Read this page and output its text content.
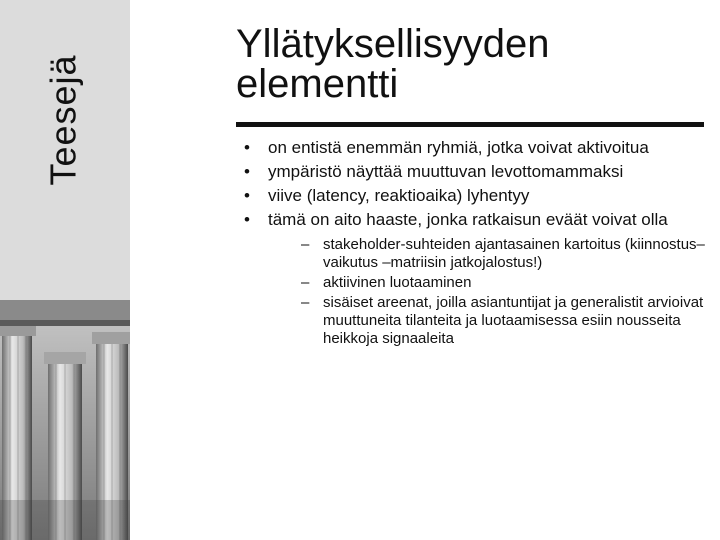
Teesejä
Yllätyksellisyyden elementti
• on entistä enemmän ryhmiä, jotka voivat aktivoitua
• ympäristö näyttää muuttuvan levottomammaksi
• viive (latency, reaktioaika) lyhentyy
• tämä on aito haaste, jonka ratkaisun eväät voivat olla
– stakeholder-suhteiden ajantasainen kartoitus (kiinnostus–vaikutus –matriisin jatkojalostus!)
– aktiivinen luotaaminen
– sisäiset areenat, joilla asiantuntijat ja generalistit arvioivat muuttuneita tilanteita ja luotaamisessa esiin nousseita heikkoja signaaleita
